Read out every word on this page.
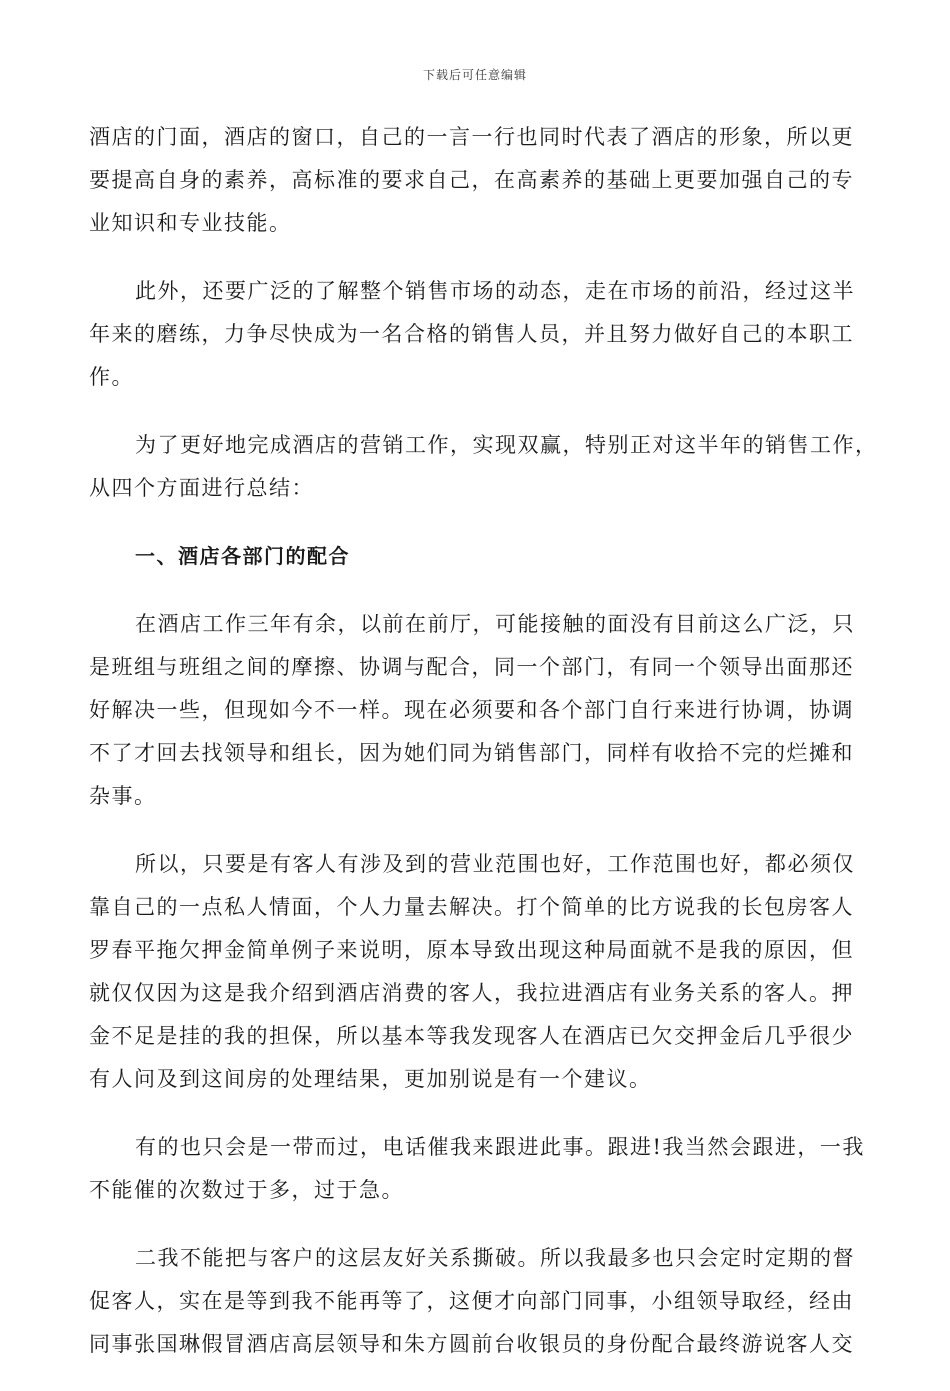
下载后可任意编辑
酒店的门面，酒店的窗口，自己的一言一行也同时代表了酒店的形象，所以更
要提高自身的素养，高标准的要求自己，在高素养的基础上更要加强自己的专
业知识和专业技能。
此外，还要广泛的了解整个销售市场的动态，走在市场的前沿，经过这半
年来的磨练，力争尽快成为一名合格的销售人员，并且努力做好自己的本职工
作。
为了更好地完成酒店的营销工作，实现双赢，特别正对这半年的销售工作，
从四个方面进行总结：
一、酒店各部门的配合
在酒店工作三年有余，以前在前厅，可能接触的面没有目前这么广泛，只
是班组与班组之间的摩擦、协调与配合，同一个部门，有同一个领导出面那还
好解决一些，但现如今不一样。现在必须要和各个部门自行来进行协调，协调
不了才回去找领导和组长，因为她们同为销售部门，同样有收拾不完的烂摊和
杂事。
所以，只要是有客人有涉及到的营业范围也好，工作范围也好，都必须仅
靠自己的一点私人情面，个人力量去解决。打个简单的比方说我的长包房客人
罗春平拖欠押金简单例子来说明，原本导致出现这种局面就不是我的原因，但
就仅仅因为这是我介绍到酒店消费的客人，我拉进酒店有业务关系的客人。押
金不足是挂的我的担保，所以基本等我发现客人在酒店已欠交押金后几乎很少
有人问及到这间房的处理结果，更加别说是有一个建议。
有的也只会是一带而过，电话催我来跟进此事。跟进!我当然会跟进，一我
不能催的次数过于多，过于急。
二我不能把与客户的这层友好关系撕破。所以我最多也只会定时定期的督
促客人，实在是等到我不能再等了，这便才向部门同事，小组领导取经，经由
同事张国琳假冒酒店高层领导和朱方圆前台收银员的身份配合最终游说客人交
